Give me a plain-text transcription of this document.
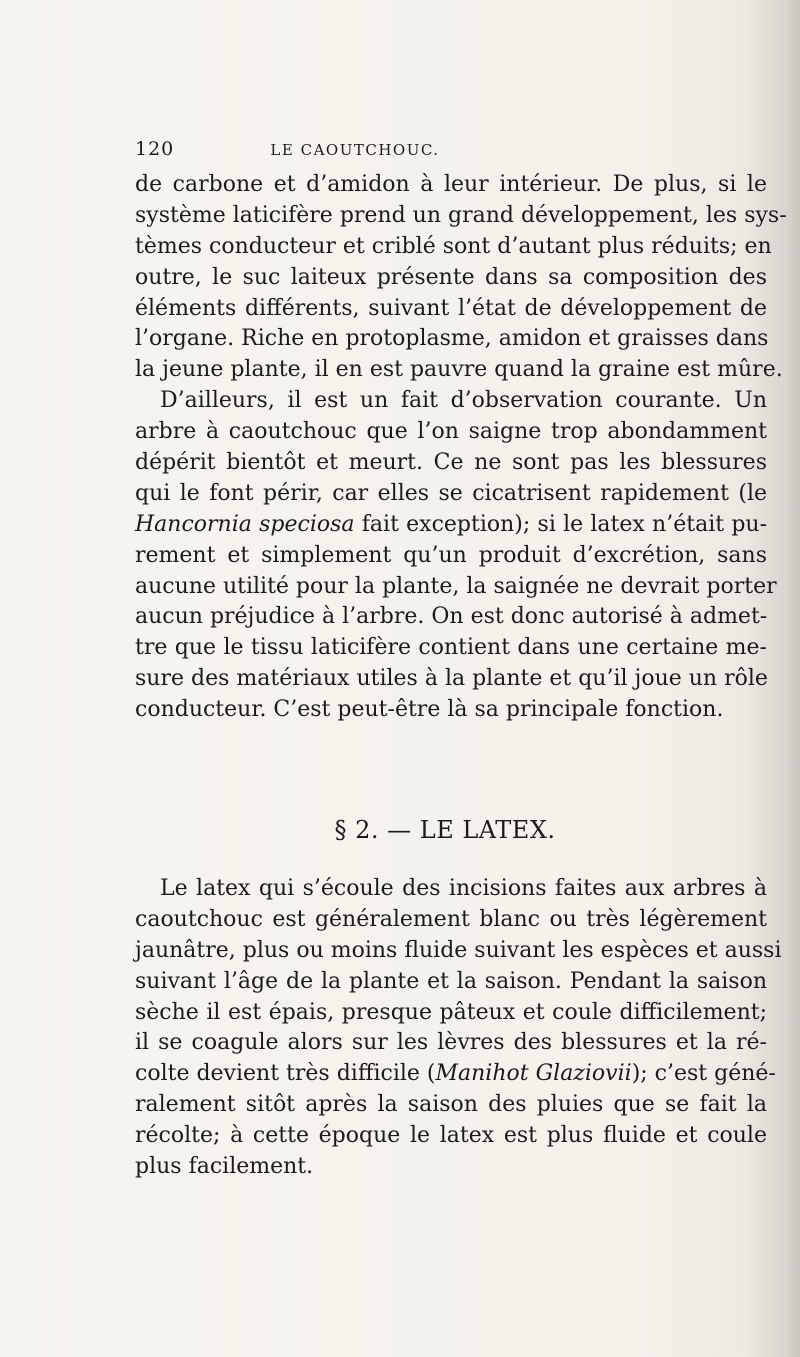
120	LE CAOUTCHOUC.
de carbone et d’amidon à leur intérieur. De plus, si le
système laticifère prend un grand développement, les sys-
tèmes conducteur et criblé sont d’autant plus réduits; en
outre, le suc laiteux présente dans sa composition des
éléments différents, suivant l’état de développement de
l’organe. Riche en protoplasme, amidon et graisses dans
la jeune plante, il en est pauvre quand la graine est mûre.
D’ailleurs, il est un fait d’observation courante. Un
arbre à caoutchouc que l’on saigne trop abondamment
dépérit bientôt et meurt. Ce ne sont pas les blessures
qui le font périr, car elles se cicatrisent rapidement (le
Hancornia speciosa fait exception); si le latex n’était pu-
rement et simplement qu’un produit d’excrétion, sans
aucune utilité pour la plante, la saignée ne devrait porter
aucun préjudice à l’arbre. On est donc autorisé à admet-
tre que le tissu laticifère contient dans une certaine me-
sure des matériaux utiles à la plante et qu’il joue un rôle
conducteur. C’est peut-être là sa principale fonction.
§ 2. — LE LATEX.
Le latex qui s’écoule des incisions faites aux arbres à
caoutchouc est généralement blanc ou très légèrement
jaunâtre, plus ou moins fluide suivant les espèces et aussi
suivant l’âge de la plante et la saison. Pendant la saison
sèche il est épais, presque pâteux et coule difficilement;
il se coagule alors sur les lèvres des blessures et la ré-
colte devient très difficile (Manihot Glaziovii); c’est géné-
ralement sitôt après la saison des pluies que se fait la
récolte; à cette époque le latex est plus fluide et coule
plus facilement.
